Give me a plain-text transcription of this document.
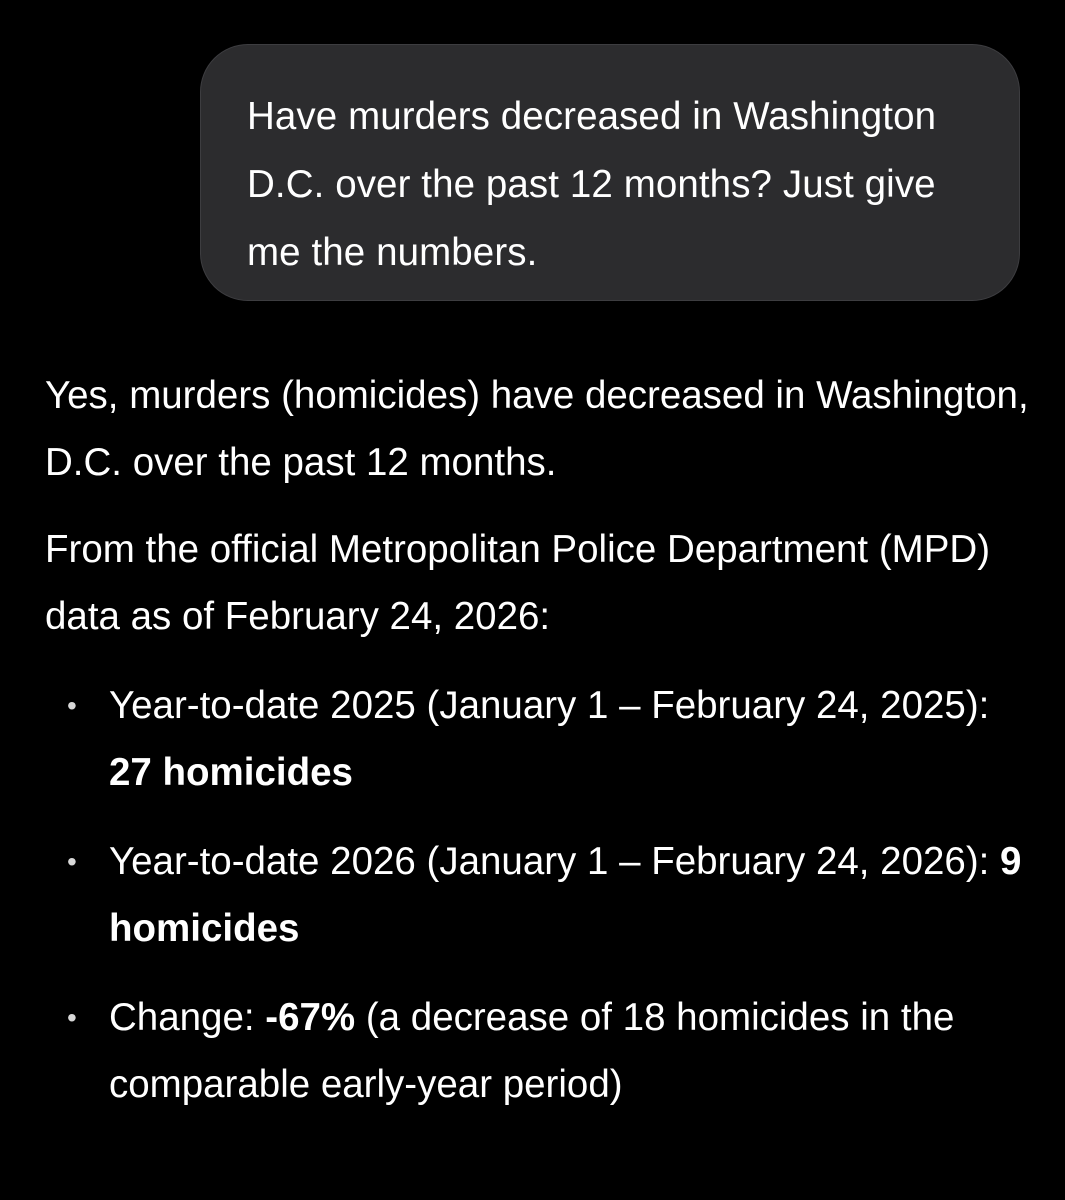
Have murders decreased in Washington D.C. over the past 12 months? Just give me the numbers.

Yes, murders (homicides) have decreased in Washington, D.C. over the past 12 months.

From the official Metropolitan Police Department (MPD) data as of February 24, 2026:

• Year-to-date 2025 (January 1 – February 24, 2025): 27 homicides
• Year-to-date 2026 (January 1 – February 24, 2026): 9 homicides
• Change: -67% (a decrease of 18 homicides in the comparable early-year period)
